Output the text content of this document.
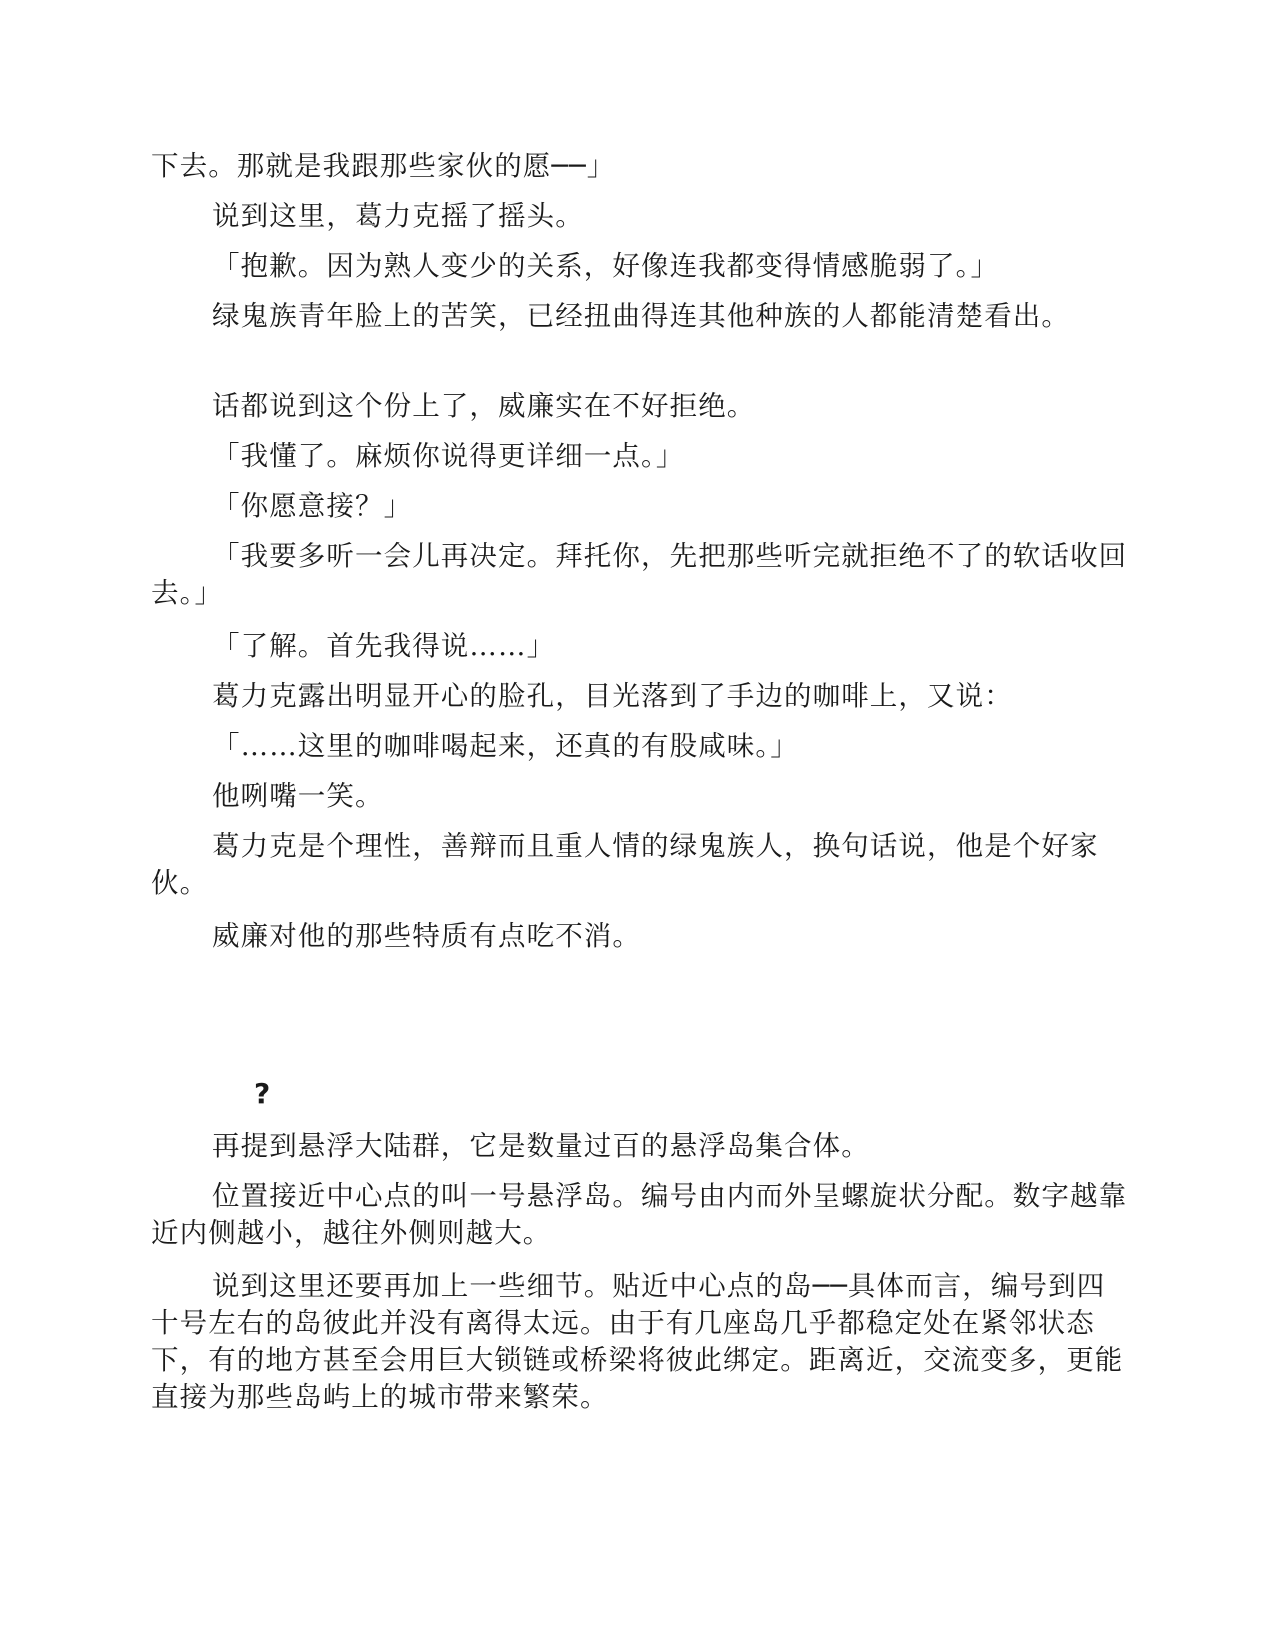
下去。那就是我跟那些家伙的愿──」
说到这里，葛力克摇了摇头。
「抱歉。因为熟人变少的关系，好像连我都变得情感脆弱了。」
绿鬼族青年脸上的苦笑，已经扭曲得连其他种族的人都能清楚看出。
话都说到这个份上了，威廉实在不好拒绝。
「我懂了。麻烦你说得更详细一点。」
「你愿意接？」
「我要多听一会儿再决定。拜托你，先把那些听完就拒绝不了的软话收回去。」
「了解。首先我得说……」
葛力克露出明显开心的脸孔，目光落到了手边的咖啡上，又说：
「……这里的咖啡喝起来，还真的有股咸味。」
他咧嘴一笑。
葛力克是个理性，善辩而且重人情的绿鬼族人，换句话说，他是个好家伙。
威廉对他的那些特质有点吃不消。
?
再提到悬浮大陆群，它是数量过百的悬浮岛集合体。
位置接近中心点的叫一号悬浮岛。编号由内而外呈螺旋状分配。数字越靠近内侧越小，越往外侧则越大。
说到这里还要再加上一些细节。贴近中心点的岛──具体而言，编号到四十号左右的岛彼此并没有离得太远。由于有几座岛几乎都稳定处在紧邻状态下，有的地方甚至会用巨大锁链或桥梁将彼此绑定。距离近，交流变多，更能直接为那些岛屿上的城市带来繁荣。
